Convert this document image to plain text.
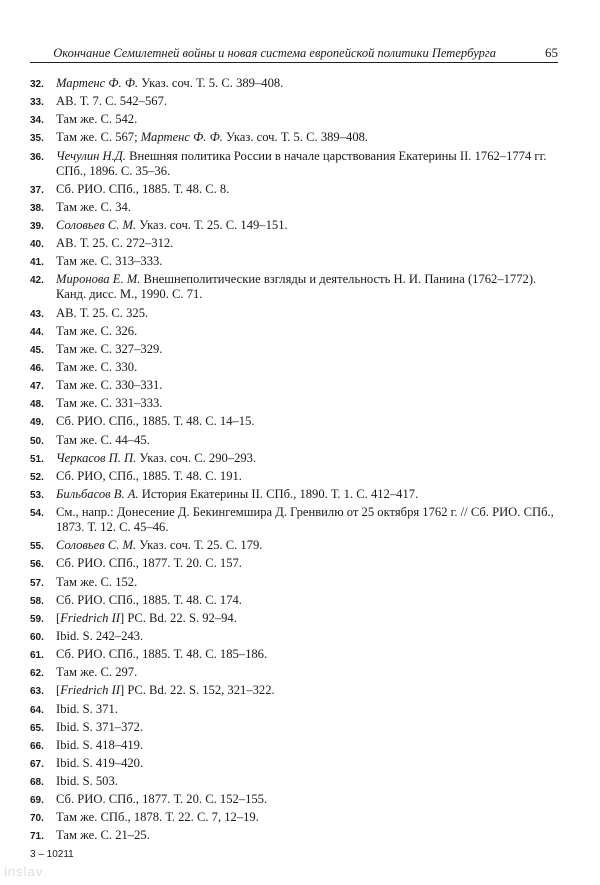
Окончание Семилетней войны и новая система европейской политики Петербурга	65
32. Мартенс Ф. Ф. Указ. соч. Т. 5. С. 389–408.
33. АВ. Т. 7. С. 542–567.
34. Там же. С. 542.
35. Там же. С. 567; Мартенс Ф. Ф. Указ. соч. Т. 5. С. 389–408.
36. Чечулин Н.Д. Внешняя политика России в начале царствования Екатерины II. 1762–1774 гг. СПб., 1896. С. 35–36.
37. Сб. РИО. СПб., 1885. Т. 48. С. 8.
38. Там же. С. 34.
39. Соловьев С. М. Указ. соч. Т. 25. С. 149–151.
40. АВ. Т. 25. С. 272–312.
41. Там же. С. 313–333.
42. Миронова Е. М. Внешнеполитические взгляды и деятельность Н. И. Панина (1762–1772). Канд. дисс. М., 1990. С. 71.
43. АВ. Т. 25. С. 325.
44. Там же. С. 326.
45. Там же. С. 327–329.
46. Там же. С. 330.
47. Там же. С. 330–331.
48. Там же. С. 331–333.
49. Сб. РИО. СПб., 1885. Т. 48. С. 14–15.
50. Там же. С. 44–45.
51. Черкасов П. П. Указ. соч. С. 290–293.
52. Сб. РИО, СПб., 1885. Т. 48. С. 191.
53. Бильбасов В. А. История Екатерины II. СПб., 1890. Т. 1. С. 412–417.
54. См., напр.: Донесение Д. Бекингемшира Д. Гренвилю от 25 октября 1762 г. // Сб. РИО. СПб., 1873. Т. 12. С. 45–46.
55. Соловьев С. М. Указ. соч. Т. 25. С. 179.
56. Сб. РИО. СПб., 1877. Т. 20. С. 157.
57. Там же. С. 152.
58. Сб. РИО. СПб., 1885. Т. 48. С. 174.
59. [Friedrich II] PC. Bd. 22. S. 92–94.
60. Ibid. S. 242–243.
61. Сб. РИО. СПб., 1885. Т. 48. С. 185–186.
62. Там же. С. 297.
63. [Friedrich II] PC. Bd. 22. S. 152, 321–322.
64. Ibid. S. 371.
65. Ibid. S. 371–372.
66. Ibid. S. 418–419.
67. Ibid. S. 419–420.
68. Ibid. S. 503.
69. Сб. РИО. СПб., 1877. Т. 20. С. 152–155.
70. Там же. СПб., 1878. Т. 22. С. 7, 12–19.
71. Там же. С. 21–25.
3 – 10211
inslav
